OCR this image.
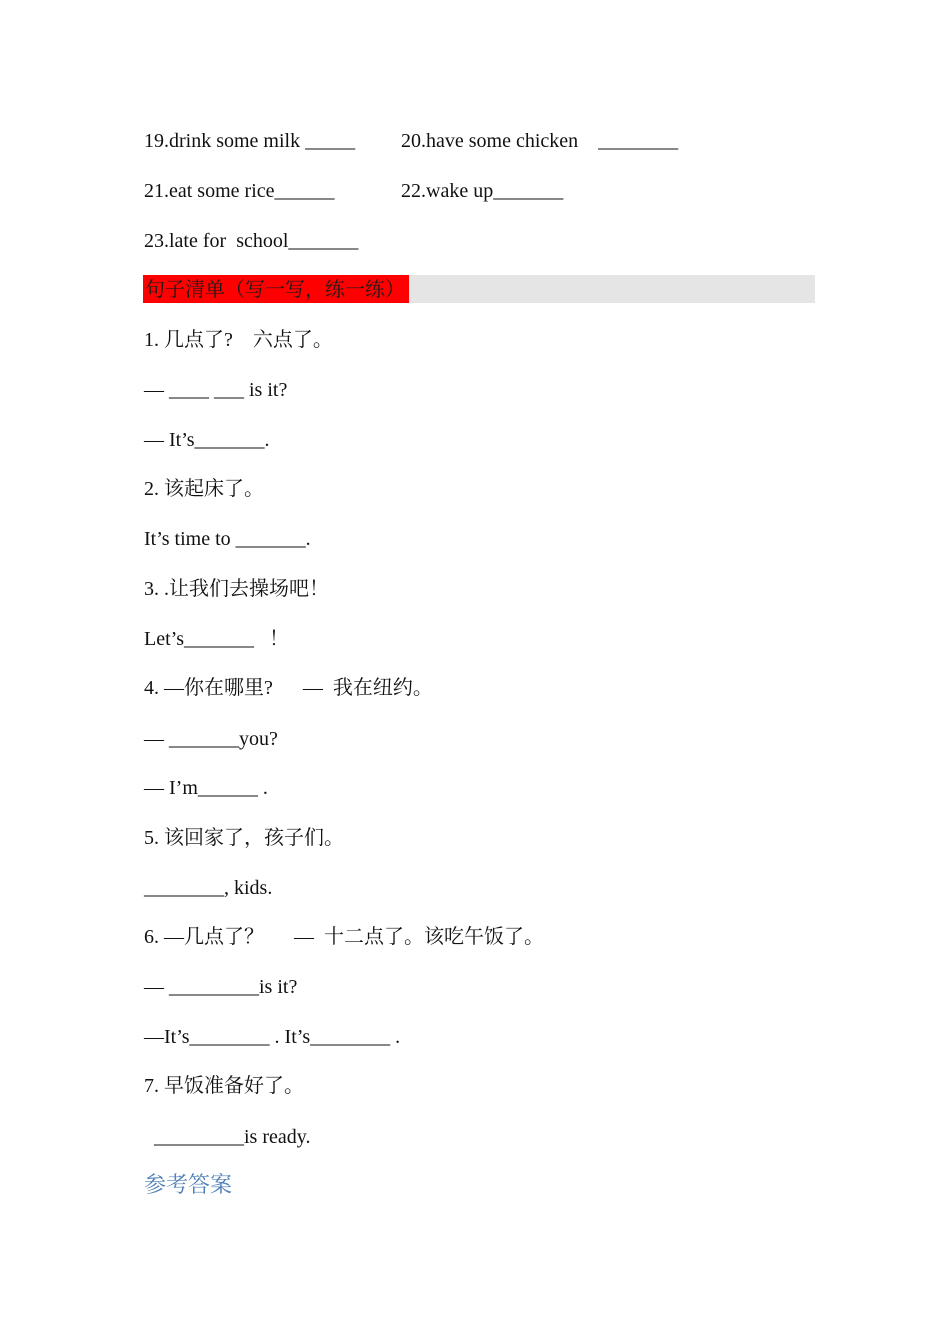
19.drink some milk _____ 20.have some chicken    ________
21.eat some rice______	22.wake up_______
23.late for  school_______
句子清单（写一写，练一练）
1. 几点了?    六点了。
— ____ ___ is it?
— It’s_______.
2. 该起床了。
It’s time to _______.
3. .让我们去操场吧！
Let’s_______   ！
4. —你在哪里?      —  我在纽约。
— _______you?
— I’m______ .
5. 该回家了，孩子们。
________, kids.
6. —几点了？      —  十二点了。该吃午饭了。
— _________is it?
—It’s________ . It’s________ .
7. 早饭准备好了。
_________is ready.
参考答案
